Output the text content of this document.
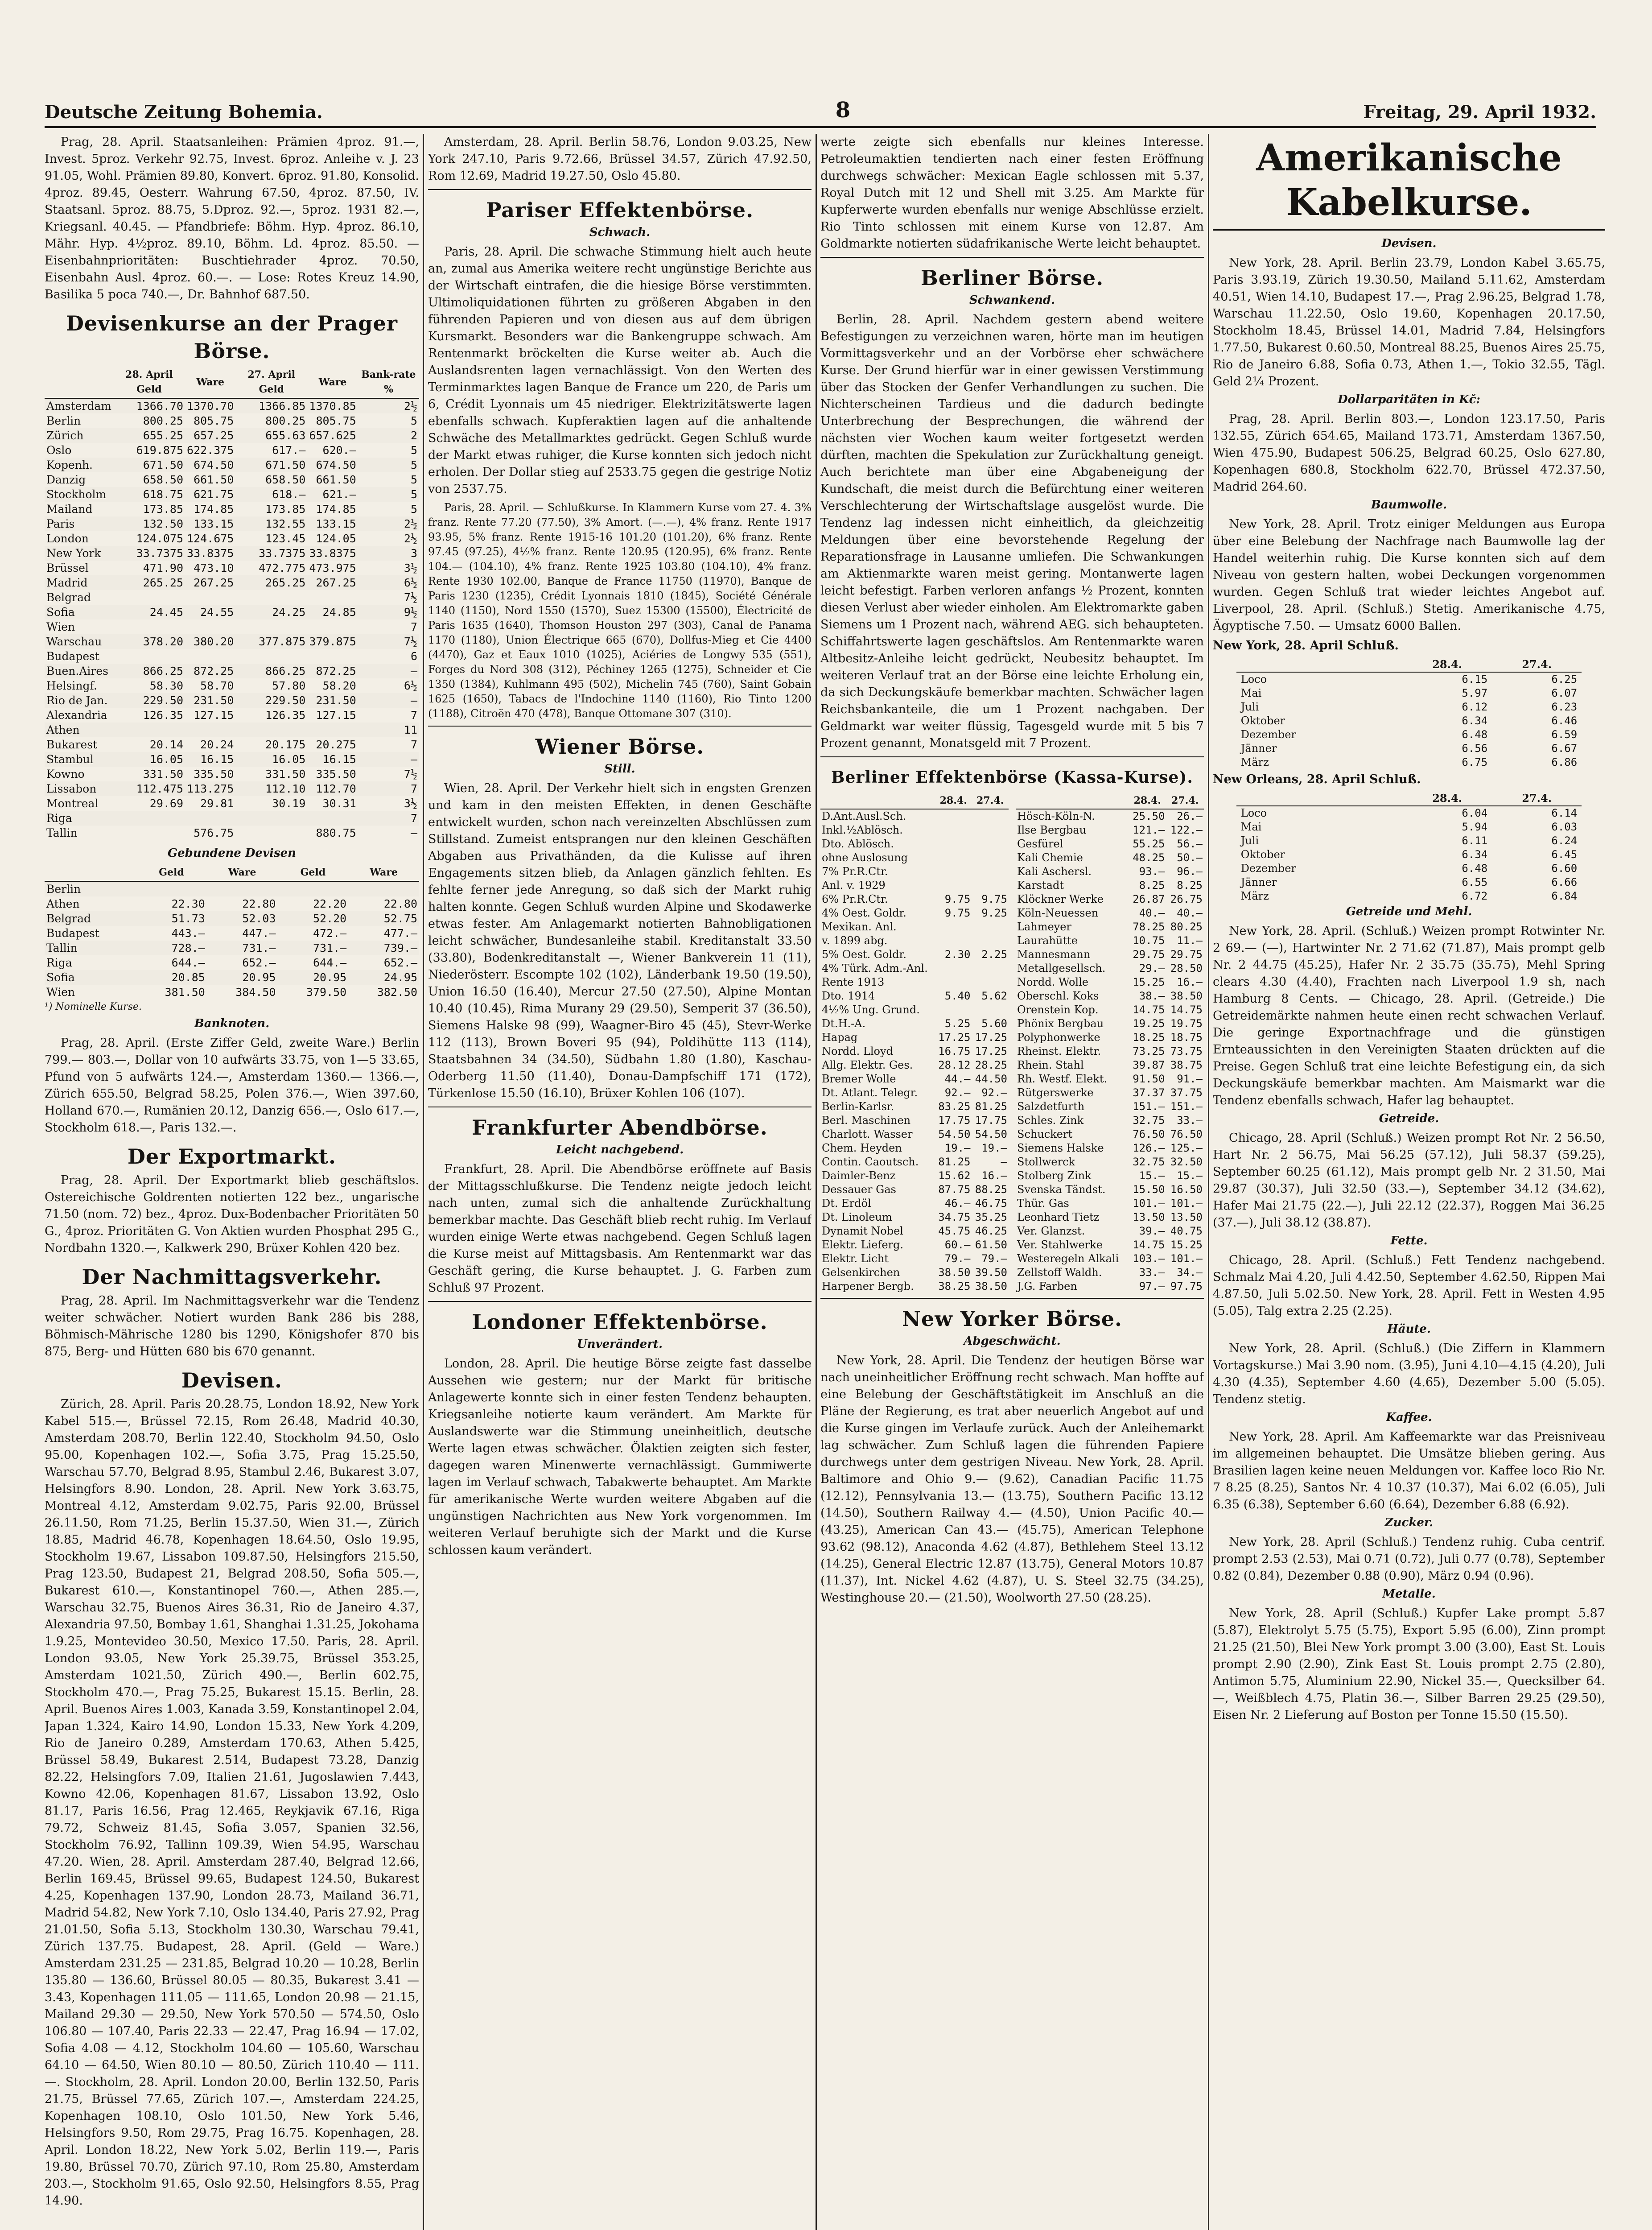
Deutsche Zeitung Bohemia.	8	Freitag, 29. April 1932.

Prag, 28. April. Staatsanleihen: Prämien 4proz. 91.—, Invest. 5proz. Verkehr 92.75, Invest. 6proz. Anleihe v. J. 23 91.05, Wohl. Prämien 89.80, Konvert. 6proz. 91.80, Konsolid. 4proz. 89.45, Oesterr. Wahrung 67.50, 4proz. 87.50, IV. Staatsanl. 5proz. 88.75, 5.Dproz. 92.—, 5proz. 1931 82.—, Kriegsanl. 40.45. — Pfandbriefe: Böhm. Hyp. 4proz. 86.10, Mähr. Hyp. 4½proz. 89.10, Böhm. Ld. 4proz. 85.50. — Eisenbahnprioritäten: Buschtiehrader 4proz. 70.50, Eisenbahn Ausl. 4proz. 60.—. — Lose: Rotes Kreuz 14.90, Basilika 5 poca 740.—, Dr. Bahnhof 687.50.

Devisenkurse an der Prager Börse.
	28. April Geld	Ware	27. April Geld	Ware	Bank-rate %
Amsterdam	1366.70	1370.70	1366.85	1370.85	2½
Berlin	800.25	805.75	800.25	805.75	5
Zürich	655.25	657.25	655.63	657.625	2
Oslo	619.875	622.375	617.—	620.—	5
Kopenh.	671.50	674.50	671.50	674.50	5
Danzig	658.50	661.50	658.50	661.50	5
Stockholm	618.75	621.75	618.—	621.—	5
Mailand	173.85	174.85	173.85	174.85	5
Paris	132.50	133.15	132.55	133.15	2½
London	124.075	124.675	123.45	124.05	2½
New York	33.7375	33.8375	33.7375	33.8375	3
Brüssel	471.90	473.10	472.775	473.975	3½
Madrid	265.25	267.25	265.25	267.25	6½
Belgrad					7½
Sofia	24.45	24.55	24.25	24.85	9½
Wien					7
Warschau	378.20	380.20	377.875	379.875	7½
Budapest					6
Buen.Aires	866.25	872.25	866.25	872.25	—
Helsingf.	58.30	58.70	57.80	58.20	6½
Rio de Jan.	229.50	231.50	229.50	231.50	—
Alexandria	126.35	127.15	126.35	127.15	7
Athen					11
Bukarest	20.14	20.24	20.175	20.275	7
Stambul	16.05	16.15	16.05	16.15	—
Kowno	331.50	335.50	331.50	335.50	7½
Lissabon	112.475	113.275	112.10	112.70	7
Montreal	29.69	29.81	30.19	30.31	3½
Riga					7
Tallin		576.75		880.75	—
Gebundene Devisen
	Geld	Ware	Geld	Ware
Berlin				
Athen	22.30	22.80	22.20	22.80
Belgrad	51.73	52.03	52.20	52.75
Budapest	443.—	447.—	472.—	477.—
Tallin	728.—	731.—	731.—	739.—
Riga	644.—	652.—	644.—	652.—
Sofia	20.85	20.95	20.95	24.95
Wien	381.50	384.50	379.50	382.50
¹) Nominelle Kurse.
Banknoten.

Prag, 28. April. (Erste Ziffer Geld, zweite Ware.) Berlin 799.— 803.—, Dollar von 10 aufwärts 33.75, von 1—5 33.65, Pfund von 5 aufwärts 124.—, Amsterdam 1360.— 1366.—, Zürich 655.50, Belgrad 58.25, Polen 376.—, Wien 397.60, Holland 670.—, Rumänien 20.12, Danzig 656.—, Oslo 617.—, Stockholm 618.—, Paris 132.—.

Der Exportmarkt.

Prag, 28. April. Der Exportmarkt blieb geschäftslos. Ostereichische Goldrenten notierten 122 bez., ungarische 71.50 (nom. 72) bez., 4proz. Dux-Bodenbacher Prioritäten 50 G., 4proz. Prioritäten G. Von Aktien wurden Phosphat 295 G., Nordbahn 1320.—, Kalkwerk 290, Brüxer Kohlen 420 bez.

Der Nachmittagsverkehr.

Prag, 28. April. Im Nachmittagsverkehr war die Tendenz weiter schwächer. Notiert wurden Bank 286 bis 288, Böhmisch-Mährische 1280 bis 1290, Königshofer 870 bis 875, Berg- und Hütten 680 bis 670 genannt.

Devisen.

Zürich, 28. April. Paris 20.28.75, London 18.92, New York Kabel 515.—, Brüssel 72.15, Rom 26.48, Madrid 40.30, Amsterdam 208.70, Berlin 122.40, Stockholm 94.50, Oslo 95.00, Kopenhagen 102.—, Sofia 3.75, Prag 15.25.50, Warschau 57.70, Belgrad 8.95, Stambul 2.46, Bukarest 3.07, Helsingfors 8.90. London, 28. April. New York 3.63.75, Montreal 4.12, Amsterdam 9.02.75, Paris 92.00, Brüssel 26.11.50, Rom 71.25, Berlin 15.37.50, Wien 31.—, Zürich 18.85, Madrid 46.78, Kopenhagen 18.64.50, Oslo 19.95, Stockholm 19.67, Lissabon 109.87.50, Helsingfors 215.50, Prag 123.50, Budapest 21, Belgrad 208.50, Sofia 505.—, Bukarest 610.—, Konstantinopel 760.—, Athen 285.—, Warschau 32.75, Buenos Aires 36.31, Rio de Janeiro 4.37, Alexandria 97.50, Bombay 1.61, Shanghai 1.31.25, Jokohama 1.9.25, Montevideo 30.50, Mexico 17.50. Paris, 28. April. London 93.05, New York 25.39.75, Brüssel 353.25, Amsterdam 1021.50, Zürich 490.—, Berlin 602.75, Stockholm 470.—, Prag 75.25, Bukarest 15.15. Berlin, 28. April. Buenos Aires 1.003, Kanada 3.59, Konstantinopel 2.04, Japan 1.324, Kairo 14.90, London 15.33, New York 4.209, Rio de Janeiro 0.289, Amsterdam 170.63, Athen 5.425, Brüssel 58.49, Bukarest 2.514, Budapest 73.28, Danzig 82.22, Helsingfors 7.09, Italien 21.61, Jugoslawien 7.443, Kowno 42.06, Kopenhagen 81.67, Lissabon 13.92, Oslo 81.17, Paris 16.56, Prag 12.465, Reykjavik 67.16, Riga 79.72, Schweiz 81.45, Sofia 3.057, Spanien 32.56, Stockholm 76.92, Tallinn 109.39, Wien 54.95, Warschau 47.20. Wien, 28. April. Amsterdam 287.40, Belgrad 12.66, Berlin 169.45, Brüssel 99.65, Budapest 124.50, Bukarest 4.25, Kopenhagen 137.90, London 28.73, Mailand 36.71, Madrid 54.82, New York 7.10, Oslo 134.40, Paris 27.92, Prag 21.01.50, Sofia 5.13, Stockholm 130.30, Warschau 79.41, Zürich 137.75. Budapest, 28. April. (Geld — Ware.) Amsterdam 231.25 — 231.85, Belgrad 10.20 — 10.28, Berlin 135.80 — 136.60, Brüssel 80.05 — 80.35, Bukarest 3.41 — 3.43, Kopenhagen 111.05 — 111.65, London 20.98 — 21.15, Mailand 29.30 — 29.50, New York 570.50 — 574.50, Oslo 106.80 — 107.40, Paris 22.33 — 22.47, Prag 16.94 — 17.02, Sofia 4.08 — 4.12, Stockholm 104.60 — 105.60, Warschau 64.10 — 64.50, Wien 80.10 — 80.50, Zürich 110.40 — 111.—. Stockholm, 28. April. London 20.00, Berlin 132.50, Paris 21.75, Brüssel 77.65, Zürich 107.—, Amsterdam 224.25, Kopenhagen 108.10, Oslo 101.50, New York 5.46, Helsingfors 9.50, Rom 29.75, Prag 16.75. Kopenhagen, 28. April. London 18.22, New York 5.02, Berlin 119.—, Paris 19.80, Brüssel 70.70, Zürich 97.10, Rom 25.80, Amsterdam 203.—, Stockholm 91.65, Oslo 92.50, Helsingfors 8.55, Prag 14.90.

Amsterdam, 28. April. Berlin 58.76, London 9.03.25, New York 247.10, Paris 9.72.66, Brüssel 34.57, Zürich 47.92.50, Rom 12.69, Madrid 19.27.50, Oslo 45.80.

Pariser Effektenbörse.
Schwach.

Paris, 28. April. Die schwache Stimmung hielt auch heute an, zumal aus Amerika weitere recht ungünstige Berichte aus der Wirtschaft eintrafen, die die hiesige Börse verstimmten. Ultimoliquidationen führten zu größeren Abgaben in den führenden Papieren und von diesen aus auf dem übrigen Kursmarkt. Besonders war die Bankengruppe schwach. Am Rentenmarkt bröckelten die Kurse weiter ab. Auch die Auslandsrenten lagen vernachlässigt. Von den Werten des Terminmarktes lagen Banque de France um 220, de Paris um 6, Crédit Lyonnais um 45 niedriger. Elektrizitätswerte lagen ebenfalls schwach. Kupferaktien lagen auf die anhaltende Schwäche des Metallmarktes gedrückt. Gegen Schluß wurde der Markt etwas ruhiger, die Kurse konnten sich jedoch nicht erholen. Der Dollar stieg auf 2533.75 gegen die gestrige Notiz von 2537.75.

Paris, 28. April. — Schlußkurse. In Klammern Kurse vom 27. 4. 3% franz. Rente 77.20 (77.50), 3% Amort. (—.—), 4% franz. Rente 1917 93.95, 5% franz. Rente 1915-16 101.20 (101.20), 6% franz. Rente 97.45 (97.25), 4½% franz. Rente 120.95 (120.95), 6% franz. Rente 104.— (104.10), 4% franz. Rente 1925 103.80 (104.10), 4% franz. Rente 1930 102.00, Banque de France 11750 (11970), Banque de Paris 1230 (1235), Crédit Lyonnais 1810 (1845), Société Générale 1140 (1150), Nord 1550 (1570), Suez 15300 (15500), Électricité de Paris 1635 (1640), Thomson Houston 297 (303), Canal de Panama 1170 (1180), Union Électrique 665 (670), Dollfus-Mieg et Cie 4400 (4470), Gaz et Eaux 1010 (1025), Aciéries de Longwy 535 (551), Forges du Nord 308 (312), Péchiney 1265 (1275), Schneider et Cie 1350 (1384), Kuhlmann 495 (502), Michelin 745 (760), Saint Gobain 1625 (1650), Tabacs de l'Indochine 1140 (1160), Rio Tinto 1200 (1188), Citroën 470 (478), Banque Ottomane 307 (310).

Wiener Börse.
Still.

Wien, 28. April. Der Verkehr hielt sich in engsten Grenzen und kam in den meisten Effekten, in denen Geschäfte entwickelt wurden, schon nach vereinzelten Abschlüssen zum Stillstand. Zumeist entsprangen nur den kleinen Geschäften Abgaben aus Privathänden, da die Kulisse auf ihren Engagements sitzen blieb, da Anlagen gänzlich fehlten. Es fehlte ferner jede Anregung, so daß sich der Markt ruhig halten konnte. Gegen Schluß wurden Alpine und Skodawerke etwas fester. Am Anlagemarkt notierten Bahnobligationen leicht schwächer, Bundesanleihe stabil. Kreditanstalt 33.50 (33.80), Bodenkreditanstalt —, Wiener Bankverein 11 (11), Niederösterr. Escompte 102 (102), Länderbank 19.50 (19.50), Union 16.50 (16.40), Mercur 27.50 (27.50), Alpine Montan 10.40 (10.45), Rima Murany 29 (29.50), Semperit 37 (36.50), Siemens Halske 98 (99), Waagner-Biro 45 (45), Stevr-Werke 112 (113), Brown Boveri 95 (94), Poldihütte 113 (114), Staatsbahnen 34 (34.50), Südbahn 1.80 (1.80), Kaschau-Oderberg 11.50 (11.40), Donau-Dampfschiff 171 (172), Türkenlose 15.50 (16.10), Brüxer Kohlen 106 (107).

Frankfurter Abendbörse.
Leicht nachgebend.

Frankfurt, 28. April. Die Abendbörse eröffnete auf Basis der Mittagsschlußkurse. Die Tendenz neigte jedoch leicht nach unten, zumal sich die anhaltende Zurückhaltung bemerkbar machte. Das Geschäft blieb recht ruhig. Im Verlauf wurden einige Werte etwas nachgebend. Gegen Schluß lagen die Kurse meist auf Mittagsbasis. Am Rentenmarkt war das Geschäft gering, die Kurse behauptet. J. G. Farben zum Schluß 97 Prozent.

Londoner Effektenbörse.
Unverändert.

London, 28. April. Die heutige Börse zeigte fast dasselbe Aussehen wie gestern; nur der Markt für britische Anlagewerte konnte sich in einer festen Tendenz behaupten. Kriegsanleihe notierte kaum verändert. Am Markte für Auslandswerte war die Stimmung uneinheitlich, deutsche Werte lagen etwas schwächer. Ölaktien zeigten sich fester, dagegen waren Minenwerte vernachlässigt. Gummiwerte lagen im Verlauf schwach, Tabakwerte behauptet. Am Markte für amerikanische Werte wurden weitere Abgaben auf die ungünstigen Nachrichten aus New York vorgenommen. Im weiteren Verlauf beruhigte sich der Markt und die Kurse schlossen kaum verändert.

werte zeigte sich ebenfalls nur kleines Interesse. Petroleumaktien tendierten nach einer festen Eröffnung durchwegs schwächer: Mexican Eagle schlossen mit 5.37, Royal Dutch mit 12 und Shell mit 3.25. Am Markte für Kupferwerte wurden ebenfalls nur wenige Abschlüsse erzielt. Rio Tinto schlossen mit einem Kurse von 12.87. Am Goldmarkte notierten südafrikanische Werte leicht behauptet.

Berliner Börse.
Schwankend.

Berlin, 28. April. Nachdem gestern abend weitere Befestigungen zu verzeichnen waren, hörte man im heutigen Vormittagsverkehr und an der Vorbörse eher schwächere Kurse. Der Grund hierfür war in einer gewissen Verstimmung über das Stocken der Genfer Verhandlungen zu suchen. Die Nichterscheinen Tardieus und die dadurch bedingte Unterbrechung der Besprechungen, die während der nächsten vier Wochen kaum weiter fortgesetzt werden dürften, machten die Spekulation zur Zurückhaltung geneigt. Auch berichtete man über eine Abgabeneigung der Kundschaft, die meist durch die Befürchtung einer weiteren Verschlechterung der Wirtschaftslage ausgelöst wurde. Die Tendenz lag indessen nicht einheitlich, da gleichzeitig Meldungen über eine bevorstehende Regelung der Reparationsfrage in Lausanne umliefen. Die Schwankungen am Aktienmarkte waren meist gering. Montanwerte lagen leicht befestigt. Farben verloren anfangs ½ Prozent, konnten diesen Verlust aber wieder einholen. Am Elektromarkte gaben Siemens um 1 Prozent nach, während AEG. sich behaupteten. Schiffahrtswerte lagen geschäftslos. Am Rentenmarkte waren Altbesitz-Anleihe leicht gedrückt, Neubesitz behauptet. Im weiteren Verlauf trat an der Börse eine leichte Erholung ein, da sich Deckungskäufe bemerkbar machten. Schwächer lagen Reichsbankanteile, die um 1 Prozent nachgaben. Der Geldmarkt war weiter flüssig, Tagesgeld wurde mit 5 bis 7 Prozent genannt, Monatsgeld mit 7 Prozent.

Berliner Effektenbörse (Kassa-Kurse).
	28.4.	27.4.
D.Ant.Ausl.Sch.		
Inkl.½Ablösch.		
Dto. Ablösch.		
ohne Auslosung		
7% Pr.R.Ctr.		
Anl. v. 1929		
6% Pr.R.Ctr.	9.75	9.75
4% Oest. Goldr.	9.75	9.25
Mexikan. Anl.		
v. 1899 abg.		
5% Oest. Goldr.	2.30	2.25
4% Türk. Adm.-Anl.		
Rente 1913		
Dto. 1914	5.40	5.62
4½% Ung. Grund.		
Dt.H.-A.	5.25	5.60
Hapag	17.25	17.25
Nordd. Lloyd	16.75	17.25
Allg. Elektr. Ges.	28.12	28.25
Bremer Wolle	44.—	44.50
Dt. Atlant. Telegr.	92.—	92.—
Berlin-Karlsr.	83.25	81.25
Berl. Maschinen	17.75	17.75
Charlott. Wasser	54.50	54.50
Chem. Heyden	19.—	19.—
Contin. Caoutsch.	81.25	—
Daimler-Benz	15.62	16.—
Dessauer Gas	87.75	88.25
Dt. Erdöl	46.—	46.75
Dt. Linoleum	34.75	35.25
Dynamit Nobel	45.75	46.25
Elektr. Lieferg.	60.—	61.50
Elektr. Licht	79.—	79.—
Gelsenkirchen	38.50	39.50
Harpener Bergb.	38.25	38.50
	28.4.	27.4.
Hösch-Köln-N.	25.50	26.—
Ilse Bergbau	121.—	122.—
Gesfürel	55.25	56.—
Kali Chemie	48.25	50.—
Kali Aschersl.	93.—	96.—
Karstadt	8.25	8.25
Klöckner Werke	26.87	26.75
Köln-Neuessen	40.—	40.—
Lahmeyer	78.25	80.25
Laurahütte	10.75	11.—
Mannesmann	29.75	29.75
Metallgesellsch.	29.—	28.50
Nordd. Wolle	15.25	16.—
Oberschl. Koks	38.—	38.50
Orenstein Kop.	14.75	14.75
Phönix Bergbau	19.25	19.75
Polyphonwerke	18.25	18.75
Rheinst. Elektr.	73.25	73.75
Rhein. Stahl	39.87	38.75
Rh. Westf. Elekt.	91.50	91.—
Rütgerswerke	37.37	37.75
Salzdetfurth	151.—	151.—
Schles. Zink	32.75	33.—
Schuckert	76.50	76.50
Siemens Halske	126.—	125.—
Stollwerck	32.75	32.50
Stolberg Zink	15.—	15.—
Svenska Tändst.	15.50	16.50
Thür. Gas	101.—	101.—
Leonhard Tietz	13.50	13.50
Ver. Glanzst.	39.—	40.75
Ver. Stahlwerke	14.75	15.25
Westeregeln Alkali	103.—	101.—
Zellstoff Waldh.	33.—	34.—
J.G. Farben	97.—	97.75
New Yorker Börse.
Abgeschwächt.

New York, 28. April. Die Tendenz der heutigen Börse war nach uneinheitlicher Eröffnung recht schwach. Man hoffte auf eine Belebung der Geschäftstätigkeit im Anschluß an die Pläne der Regierung, es trat aber neuerlich Angebot auf und die Kurse gingen im Verlaufe zurück. Auch der Anleihemarkt lag schwächer. Zum Schluß lagen die führenden Papiere durchwegs unter dem gestrigen Niveau. New York, 28. April. Baltimore and Ohio 9.— (9.62), Canadian Pacific 11.75 (12.12), Pennsylvania 13.— (13.75), Southern Pacific 13.12 (14.50), Southern Railway 4.— (4.50), Union Pacific 40.— (43.25), American Can 43.— (45.75), American Telephone 93.62 (98.12), Anaconda 4.62 (4.87), Bethlehem Steel 13.12 (14.25), General Electric 12.87 (13.75), General Motors 10.87 (11.37), Int. Nickel 4.62 (4.87), U. S. Steel 32.75 (34.25), Westinghouse 20.— (21.50), Woolworth 27.50 (28.25).

Amerikanische Kabelkurse.
Devisen.

New York, 28. April. Berlin 23.79, London Kabel 3.65.75, Paris 3.93.19, Zürich 19.30.50, Mailand 5.11.62, Amsterdam 40.51, Wien 14.10, Budapest 17.—, Prag 2.96.25, Belgrad 1.78, Warschau 11.22.50, Oslo 19.60, Kopenhagen 20.17.50, Stockholm 18.45, Brüssel 14.01, Madrid 7.84, Helsingfors 1.77.50, Bukarest 0.60.50, Montreal 88.25, Buenos Aires 25.75, Rio de Janeiro 6.88, Sofia 0.73, Athen 1.—, Tokio 32.55, Tägl. Geld 2¼ Prozent.

Dollarparitäten in Kč:

Prag, 28. April. Berlin 803.—, London 123.17.50, Paris 132.55, Zürich 654.65, Mailand 173.71, Amsterdam 1367.50, Wien 475.90, Budapest 506.25, Belgrad 60.25, Oslo 627.80, Kopenhagen 680.8, Stockholm 622.70, Brüssel 472.37.50, Madrid 264.60.

Baumwolle.

New York, 28. April. Trotz einiger Meldungen aus Europa über eine Belebung der Nachfrage nach Baumwolle lag der Handel weiterhin ruhig. Die Kurse konnten sich auf dem Niveau von gestern halten, wobei Deckungen vorgenommen wurden. Gegen Schluß trat wieder leichtes Angebot auf. Liverpool, 28. April. (Schluß.) Stetig. Amerikanische 4.75, Ägyptische 7.50. — Umsatz 6000 Ballen.

New York, 28. April Schluß.
	28.4.	27.4.
Loco	6.15	6.25
Mai	5.97	6.07
Juli	6.12	6.23
Oktober	6.34	6.46
Dezember	6.48	6.59
Jänner	6.56	6.67
März	6.75	6.86
New Orleans, 28. April Schluß.
	28.4.	27.4.
Loco	6.04	6.14
Mai	5.94	6.03
Juli	6.11	6.24
Oktober	6.34	6.45
Dezember	6.48	6.60
Jänner	6.55	6.66
März	6.72	6.84
Getreide und Mehl.

New York, 28. April. (Schluß.) Weizen prompt Rotwinter Nr. 2 69.— (—), Hartwinter Nr. 2 71.62 (71.87), Mais prompt gelb Nr. 2 44.75 (45.25), Hafer Nr. 2 35.75 (35.75), Mehl Spring clears 4.30 (4.40), Frachten nach Liverpool 1.9 sh, nach Hamburg 8 Cents. — Chicago, 28. April. (Getreide.) Die Getreidemärkte nahmen heute einen recht schwachen Verlauf. Die geringe Exportnachfrage und die günstigen Ernteaussichten in den Vereinigten Staaten drückten auf die Preise. Gegen Schluß trat eine leichte Befestigung ein, da sich Deckungskäufe bemerkbar machten. Am Maismarkt war die Tendenz ebenfalls schwach, Hafer lag behauptet.

Getreide.

Chicago, 28. April (Schluß.) Weizen prompt Rot Nr. 2 56.50, Hart Nr. 2 56.75, Mai 56.25 (57.12), Juli 58.37 (59.25), September 60.25 (61.12), Mais prompt gelb Nr. 2 31.50, Mai 29.87 (30.37), Juli 32.50 (33.—), September 34.12 (34.62), Hafer Mai 21.75 (22.—), Juli 22.12 (22.37), Roggen Mai 36.25 (37.—), Juli 38.12 (38.87).

Fette.

Chicago, 28. April. (Schluß.) Fett Tendenz nachgebend. Schmalz Mai 4.20, Juli 4.42.50, September 4.62.50, Rippen Mai 4.87.50, Juli 5.02.50. New York, 28. April. Fett in Westen 4.95 (5.05), Talg extra 2.25 (2.25).

Häute.

New York, 28. April. (Schluß.) (Die Ziffern in Klammern Vortagskurse.) Mai 3.90 nom. (3.95), Juni 4.10—4.15 (4.20), Juli 4.30 (4.35), September 4.60 (4.65), Dezember 5.00 (5.05). Tendenz stetig.

Kaffee.

New York, 28. April. Am Kaffeemarkte war das Preisniveau im allgemeinen behauptet. Die Umsätze blieben gering. Aus Brasilien lagen keine neuen Meldungen vor. Kaffee loco Rio Nr. 7 8.25 (8.25), Santos Nr. 4 10.37 (10.37), Mai 6.02 (6.05), Juli 6.35 (6.38), September 6.60 (6.64), Dezember 6.88 (6.92).

Zucker.

New York, 28. April (Schluß.) Tendenz ruhig. Cuba centrif. prompt 2.53 (2.53), Mai 0.71 (0.72), Juli 0.77 (0.78), September 0.82 (0.84), Dezember 0.88 (0.90), März 0.94 (0.96).

Metalle.

New York, 28. April (Schluß.) Kupfer Lake prompt 5.87 (5.87), Elektrolyt 5.75 (5.75), Export 5.95 (6.00), Zinn prompt 21.25 (21.50), Blei New York prompt 3.00 (3.00), East St. Louis prompt 2.90 (2.90), Zink East St. Louis prompt 2.75 (2.80), Antimon 5.75, Aluminium 22.90, Nickel 35.—, Quecksilber 64.—, Weißblech 4.75, Platin 36.—, Silber Barren 29.25 (29.50), Eisen Nr. 2 Lieferung auf Boston per Tonne 15.50 (15.50).
